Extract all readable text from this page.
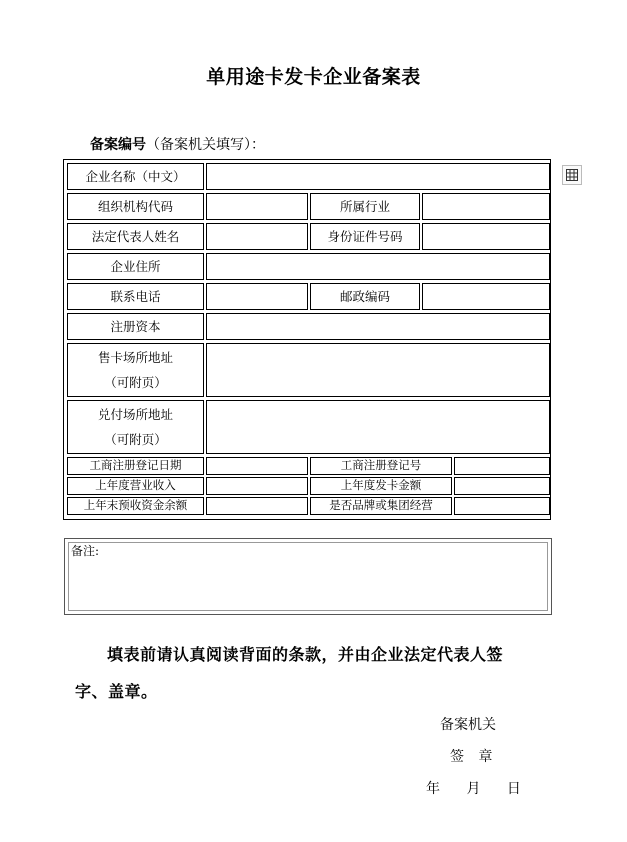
单用途卡发卡企业备案表
备案编号（备案机关填写）：
企业名称（中文）
组织机构代码	所属行业
法定代表人姓名	身份证件号码
企业住所
联系电话	邮政编码
注册资本
售卡场所地址
（可附页）
兑付场所地址
（可附页）
工商注册登记日期	工商注册登记号
上年度营业收入	上年度发卡金额
上年末预收资金余额	是否品牌或集团经营
备注:
填表前请认真阅读背面的条款，并由企业法定代表人签
字、盖章。
备案机关
签 章
年 月 日
